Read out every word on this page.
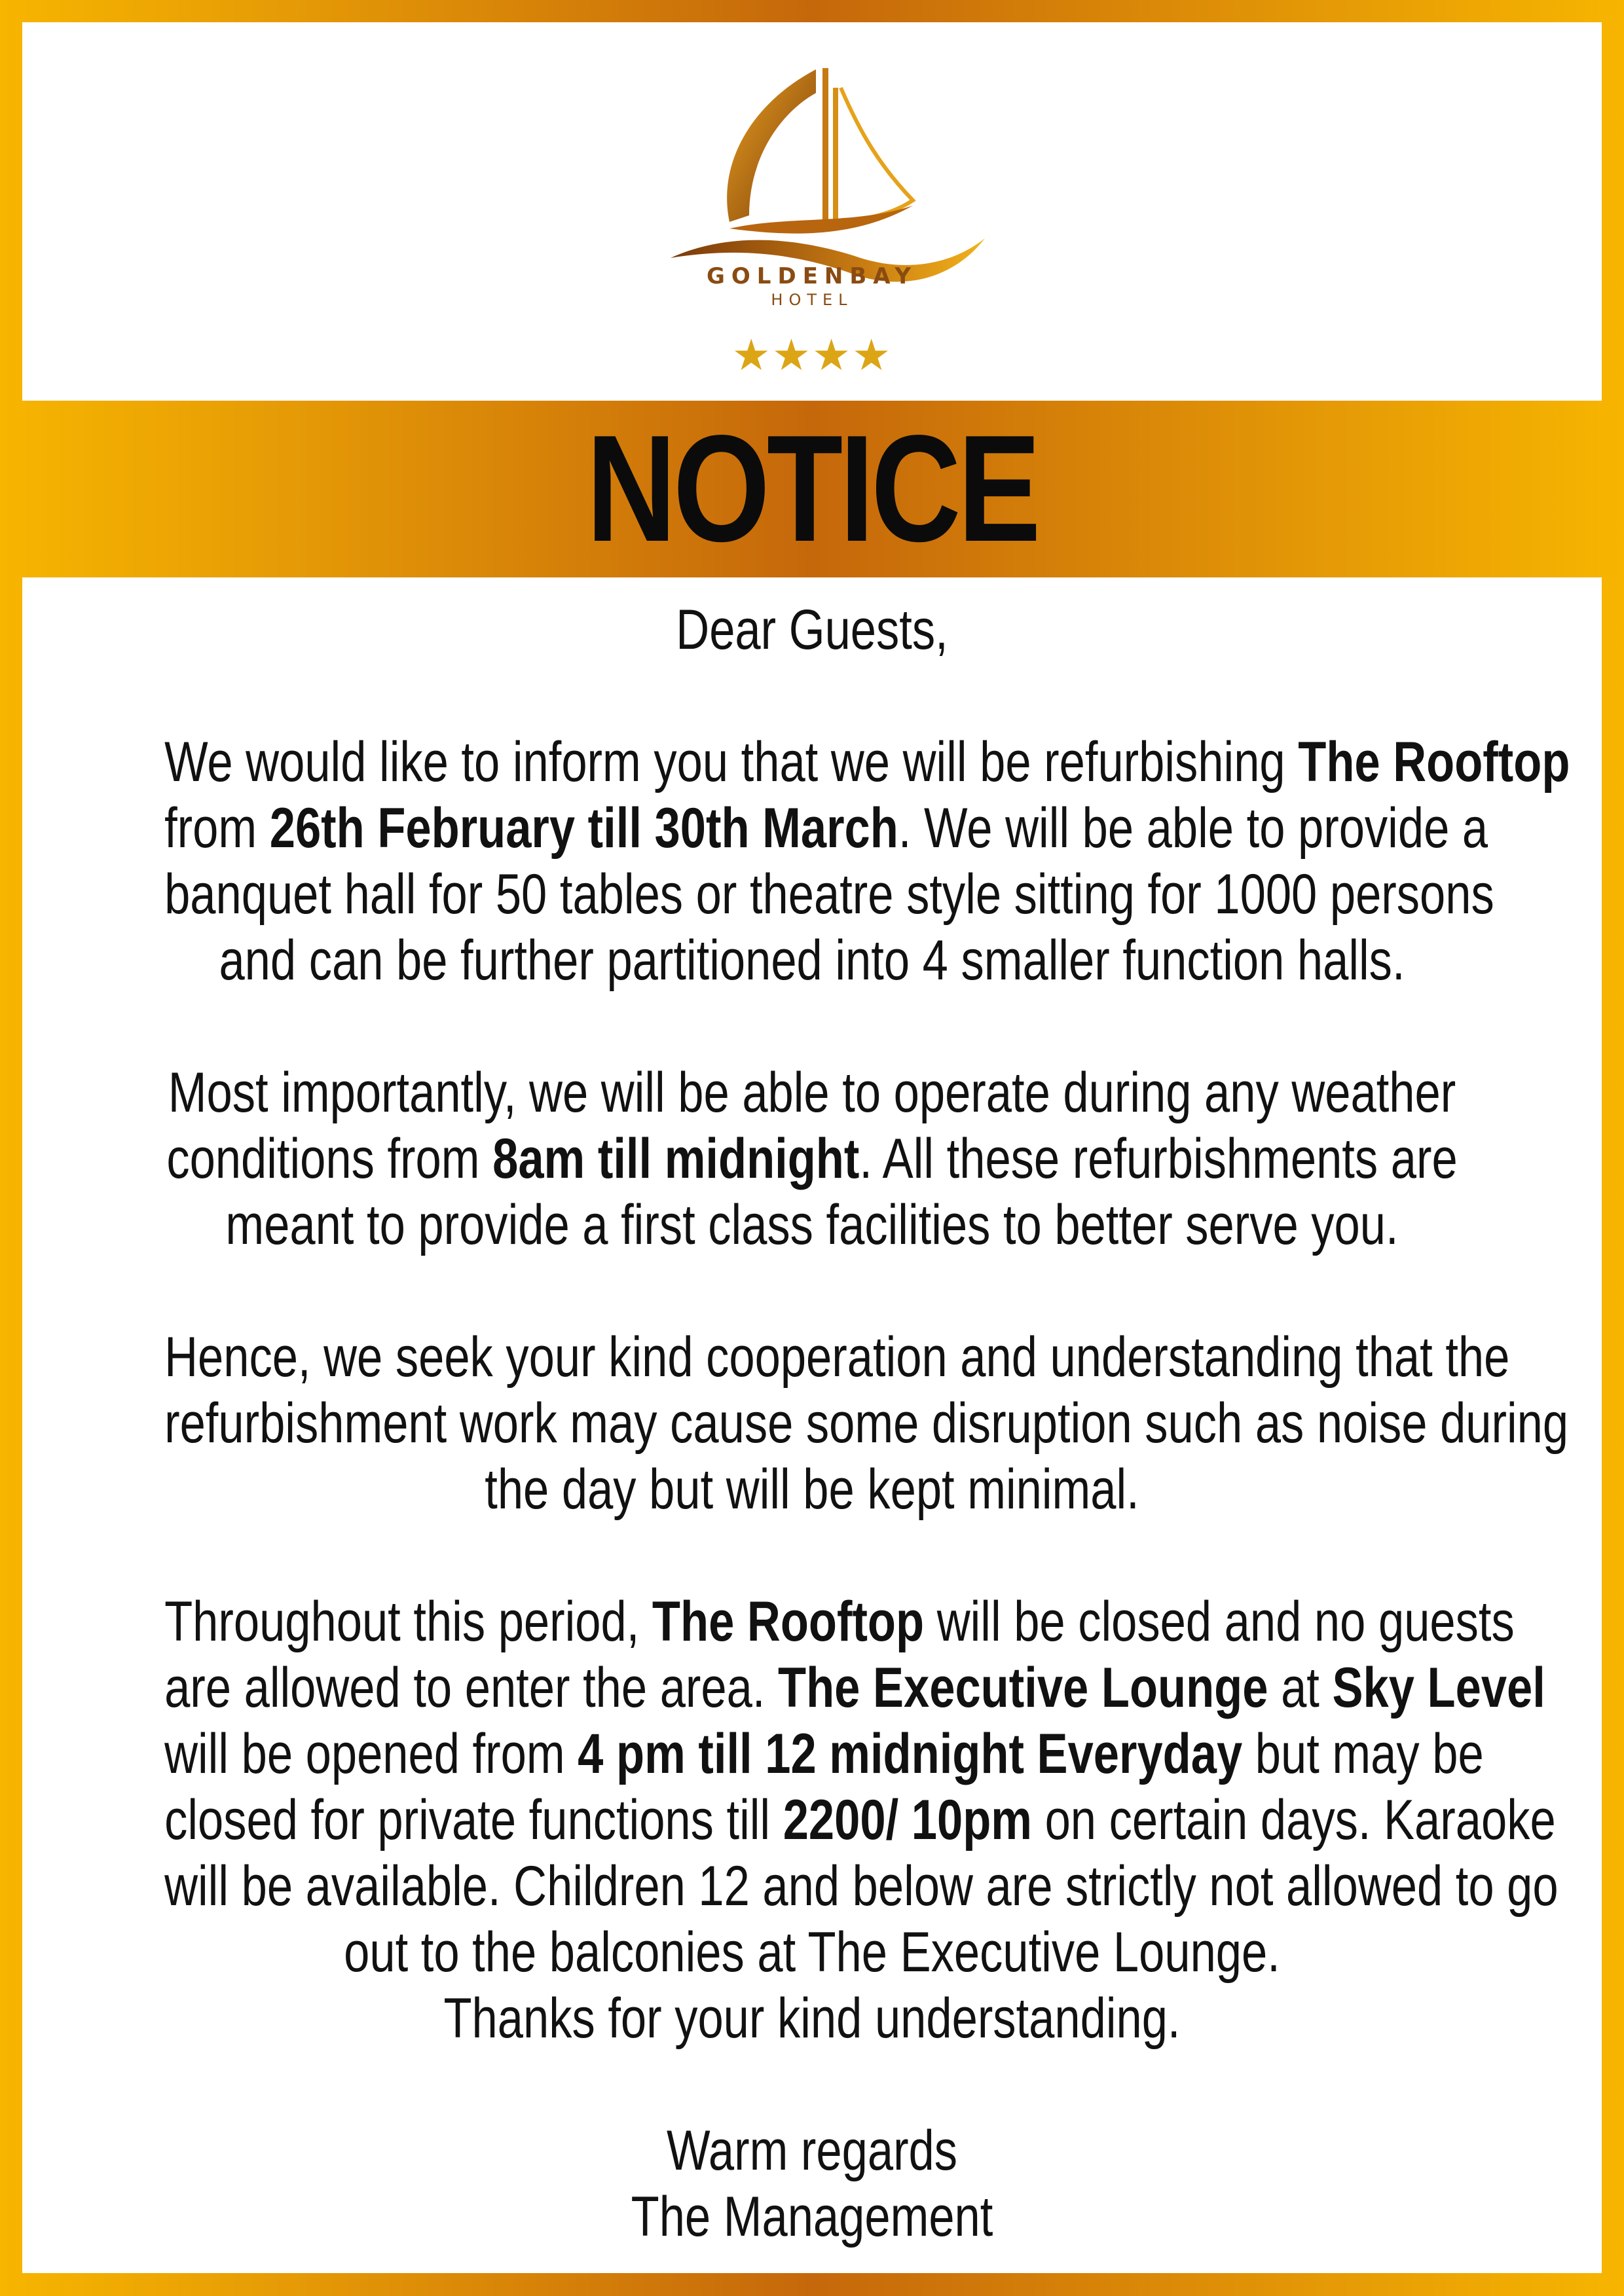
GOLDENBAY
HOTEL
★★★★
NOTICE
Dear Guests,
We would like to inform you that we will be refurbishing The Rooftop
from 26th February till 30th March. We will be able to provide a
banquet hall for 50 tables or theatre style sitting for 1000 persons
and can be further partitioned into 4 smaller function halls.
Most importantly, we will be able to operate during any weather
conditions from 8am till midnight. All these refurbishments are
meant to provide a first class facilities to better serve you.
Hence, we seek your kind cooperation and understanding that the
refurbishment work may cause some disruption such as noise during
the day but will be kept minimal.
Throughout this period, The Rooftop will be closed and no guests
are allowed to enter the area. The Executive Lounge at Sky Level
will be opened from 4 pm till 12 midnight Everyday but may be
closed for private functions till 2200/ 10pm on certain days. Karaoke
will be available. Children 12 and below are strictly not allowed to go
out to the balconies at The Executive Lounge.
Thanks for your kind understanding.
Warm regards
The Management
